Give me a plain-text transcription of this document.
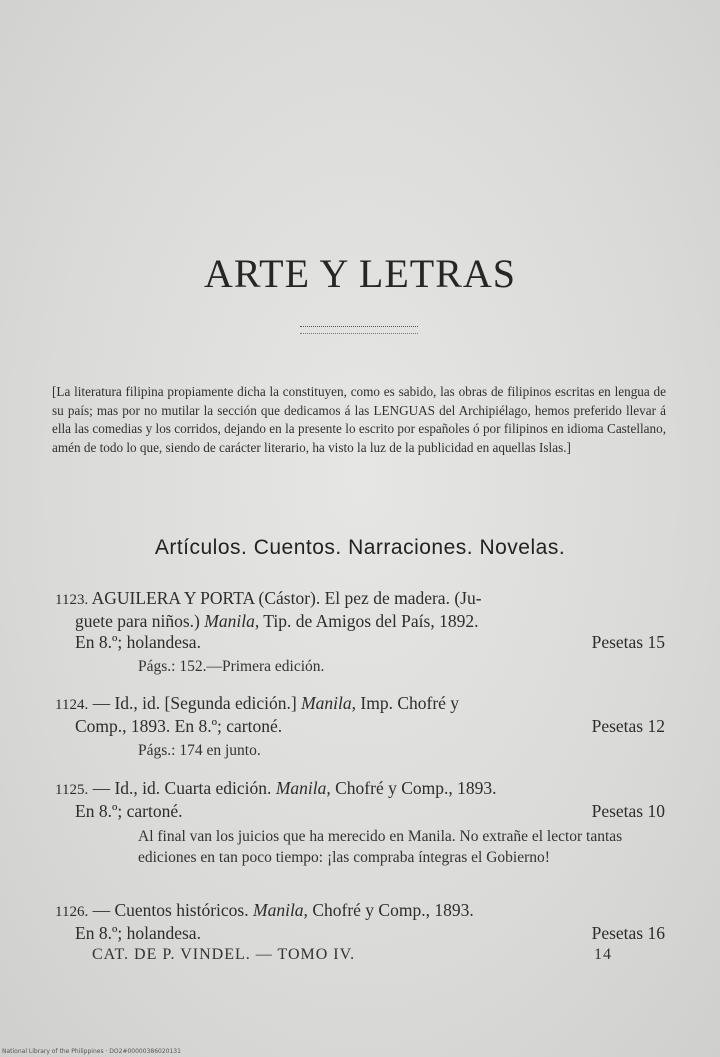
ARTE Y LETRAS
[La literatura filipina propiamente dicha la constituyen, como es sabido, las obras de filipinos escritas en lengua de su país; mas por no mutilar la sección que dedicamos á las LENGUAS del Archipiélago, hemos preferido llevar á ella las comedias y los corridos, dejando en la presente lo escrito por españoles ó por filipinos en idioma Castellano, amén de todo lo que, siendo de carácter literario, ha visto la luz de la publicidad en aquellas Islas.]
Artículos. Cuentos. Narraciones. Novelas.
1123. AGUILERA Y PORTA (Cástor). El pez de madera. (Ju-
guete para niños.) Manila, Tip. de Amigos del País, 1892.
En 8.º; holandesa.	Pesetas 15
Págs.: 152.—Primera edición.
1124. — Id., id. [Segunda edición.] Manila, Imp. Chofré y
Comp., 1893. En 8.º; cartoné.	Pesetas 12
Págs.: 174 en junto.
1125. — Id., id. Cuarta edición. Manila, Chofré y Comp., 1893.
En 8.º; cartoné.	Pesetas 10
Al final van los juicios que ha merecido en Manila. No extrañe el lector tantas ediciones en tan poco tiempo: ¡las compraba íntegras el Gobierno!
1126. — Cuentos históricos. Manila, Chofré y Comp., 1893.
En 8.º; holandesa.	Pesetas 16
CAT. DE P. VINDEL. — TOMO IV.	14
National Library of the Philippines · DO2#00000386020131
